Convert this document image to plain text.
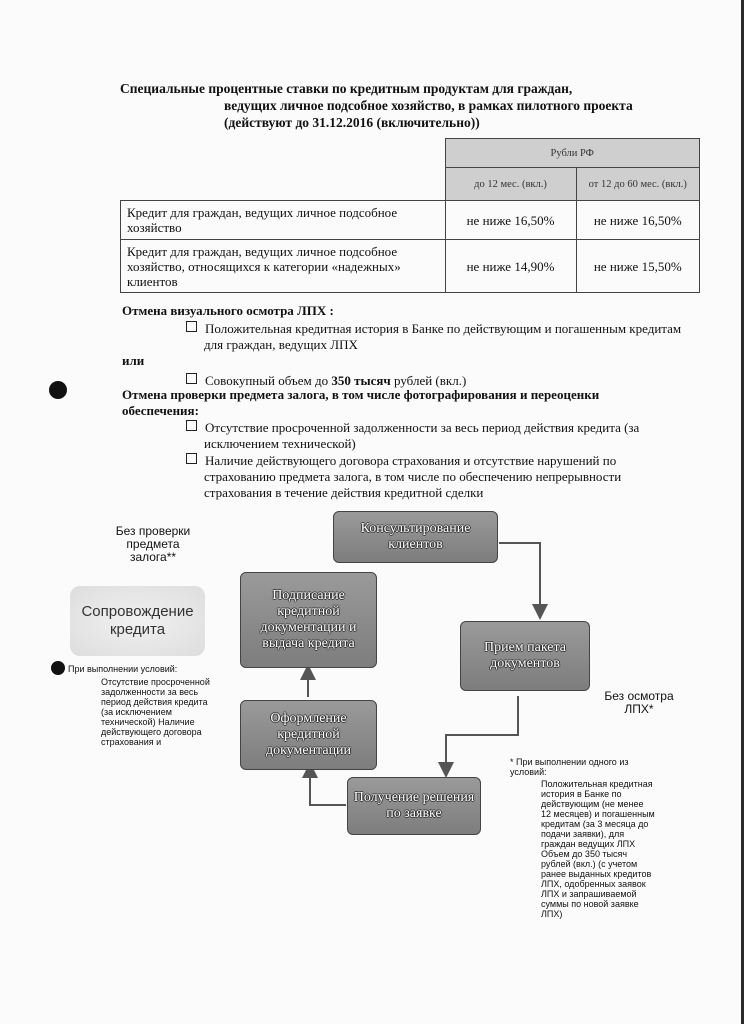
Специальные процентные ставки по кредитным продуктам для граждан,
ведущих личное подсобное хозяйство, в рамках пилотного проекта
(действуют до 31.12.2016 (включительно))
	Рубли РФ	
	до 12 мес. (вкл.)	от 12 до 60 мес. (вкл.)
Кредит для граждан, ведущих личное подсобное хозяйство	не ниже 16,50%	не ниже 16,50%
Кредит для граждан, ведущих личное подсобное хозяйство, относящихся к категории «надежных» клиентов	не ниже 14,90%	не ниже 15,50%
Отмена визуального осмотра ЛПХ :
Положительная кредитная история в Банке по действующим и погашенным кредитам для граждан, ведущих ЛПХ
или
Совокупный объем до 350 тысяч рублей (вкл.)
Отмена проверки предмета залога, в том числе фотографирования и переоценки обеспечения:
Отсутствие просроченной задолженности за весь период действия кредита (за исключением технической)
Наличие действующего договора страхования и отсутствие нарушений по страхованию предмета залога, в том числе по обеспечению непрерывности страхования в течение действия кредитной сделки
Консультирование клиентов
Прием пакета документов
Получение решения по заявке
Оформление кредитной документации
Подписание кредитной документации и выдача кредита
Сопровождение кредита
Без проверки предмета залога**
Без осмотра ЛПХ*
При выполнении условий:
Отсутствие просроченной задолженности за весь период действия кредита (за исключением технической) Наличие действующего договора страхования и
* При выполнении одного из условий:
Положительная кредитная история в Банке по действующим (не менее 12 месяцев) и погашенным кредитам (за 3 месяца до подачи заявки), для граждан ведущих ЛПХ Объем до 350 тысяч рублей (вкл.) (с учетом ранее выданных кредитов ЛПХ, одобренных заявок ЛПХ и запрашиваемой суммы по новой заявке ЛПХ)
